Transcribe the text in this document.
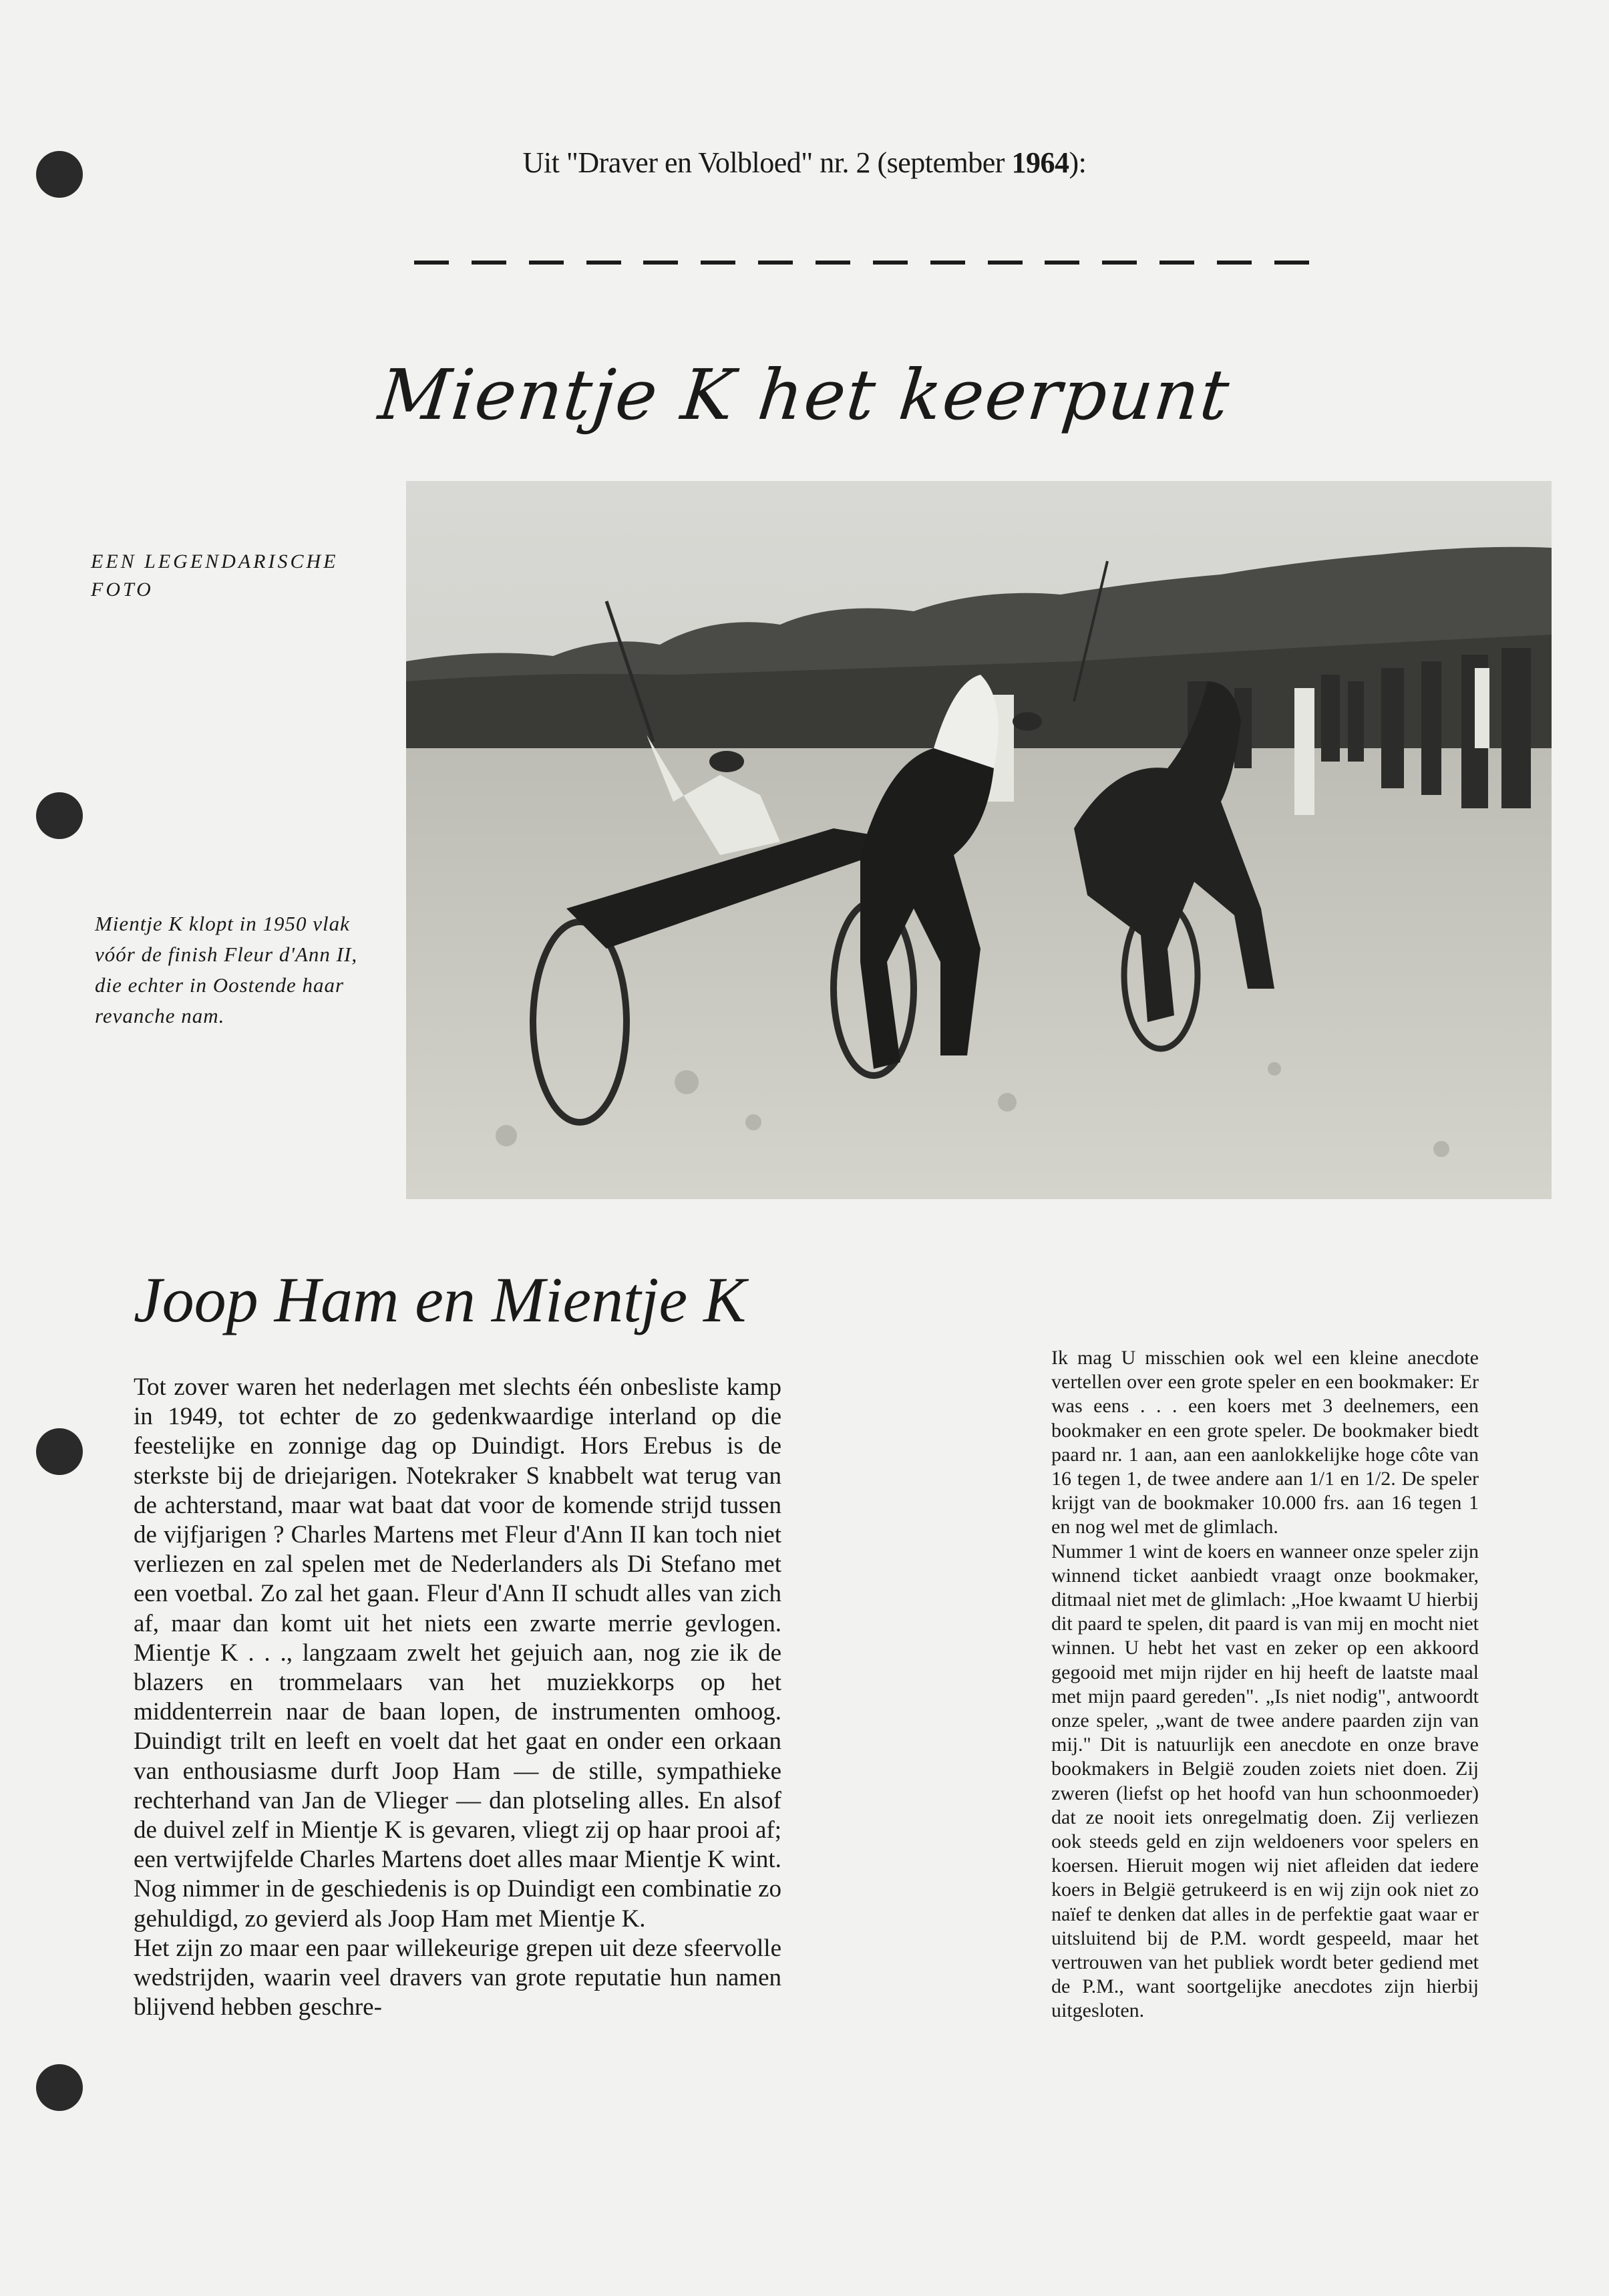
Uit "Draver en Volbloed" nr. 2 (september 1964):
Mientje K het keerpunt
EEN LEGENDARISCHE FOTO
Mientje K klopt in 1950 vlak vóór de finish Fleur d'Ann II, die echter in Oostende haar revanche nam.
Joop Ham en Mientje K

Tot zover waren het nederlagen met slechts één onbesliste kamp in 1949, tot echter de zo gedenkwaardige interland op die feestelijke en zonnige dag op Duindigt. Hors Erebus is de sterkste bij de driejarigen. Notekraker S knabbelt wat terug van de achterstand, maar wat baat dat voor de komende strijd tussen de vijfjarigen ? Charles Martens met Fleur d'Ann II kan toch niet verliezen en zal spelen met de Nederlanders als Di Stefano met een voetbal. Zo zal het gaan. Fleur d'Ann II schudt alles van zich af, maar dan komt uit het niets een zwarte merrie gevlogen. Mientje K . . ., langzaam zwelt het gejuich aan, nog zie ik de blazers en trommelaars van het muziekkorps op het middenterrein naar de baan lopen, de instrumenten omhoog. Duindigt trilt en leeft en voelt dat het gaat en onder een orkaan van enthousiasme durft Joop Ham — de stille, sympathieke rechterhand van Jan de Vlieger — dan plotseling alles. En alsof de duivel zelf in Mientje K is gevaren, vliegt zij op haar prooi af; een vertwijfelde Charles Martens doet alles maar Mientje K wint.

Nog nimmer in de geschiedenis is op Duindigt een combinatie zo gehuldigd, zo gevierd als Joop Ham met Mientje K.

Het zijn zo maar een paar willekeurige grepen uit deze sfeervolle wedstrijden, waarin veel dravers van grote reputatie hun namen blijvend hebben geschre-

Ik mag U misschien ook wel een kleine anecdote vertellen over een grote speler en een bookmaker: Er was eens . . . een koers met 3 deelnemers, een bookmaker en een grote speler. De bookmaker biedt paard nr. 1 aan, aan een aanlokkelijke hoge côte van 16 tegen 1, de twee andere aan 1/1 en 1/2. De speler krijgt van de bookmaker 10.000 frs. aan 16 tegen 1 en nog wel met de glimlach.

Nummer 1 wint de koers en wanneer onze speler zijn winnend ticket aanbiedt vraagt onze bookmaker, ditmaal niet met de glimlach: „Hoe kwaamt U hierbij dit paard te spelen, dit paard is van mij en mocht niet winnen. U hebt het vast en zeker op een akkoord gegooid met mijn rijder en hij heeft de laatste maal met mijn paard gereden". „Is niet nodig", antwoordt onze speler, „want de twee andere paarden zijn van mij." Dit is natuurlijk een anecdote en onze brave bookmakers in België zouden zoiets niet doen. Zij zweren (liefst op het hoofd van hun schoonmoeder) dat ze nooit iets onregelmatig doen. Zij verliezen ook steeds geld en zijn weldoeners voor spelers en koersen. Hieruit mogen wij niet afleiden dat iedere koers in België getrukeerd is en wij zijn ook niet zo naïef te denken dat alles in de perfektie gaat waar er uitsluitend bij de P.M. wordt gespeeld, maar het vertrouwen van het publiek wordt beter gediend met de P.M., want soortgelijke anecdotes zijn hierbij uitgesloten.
